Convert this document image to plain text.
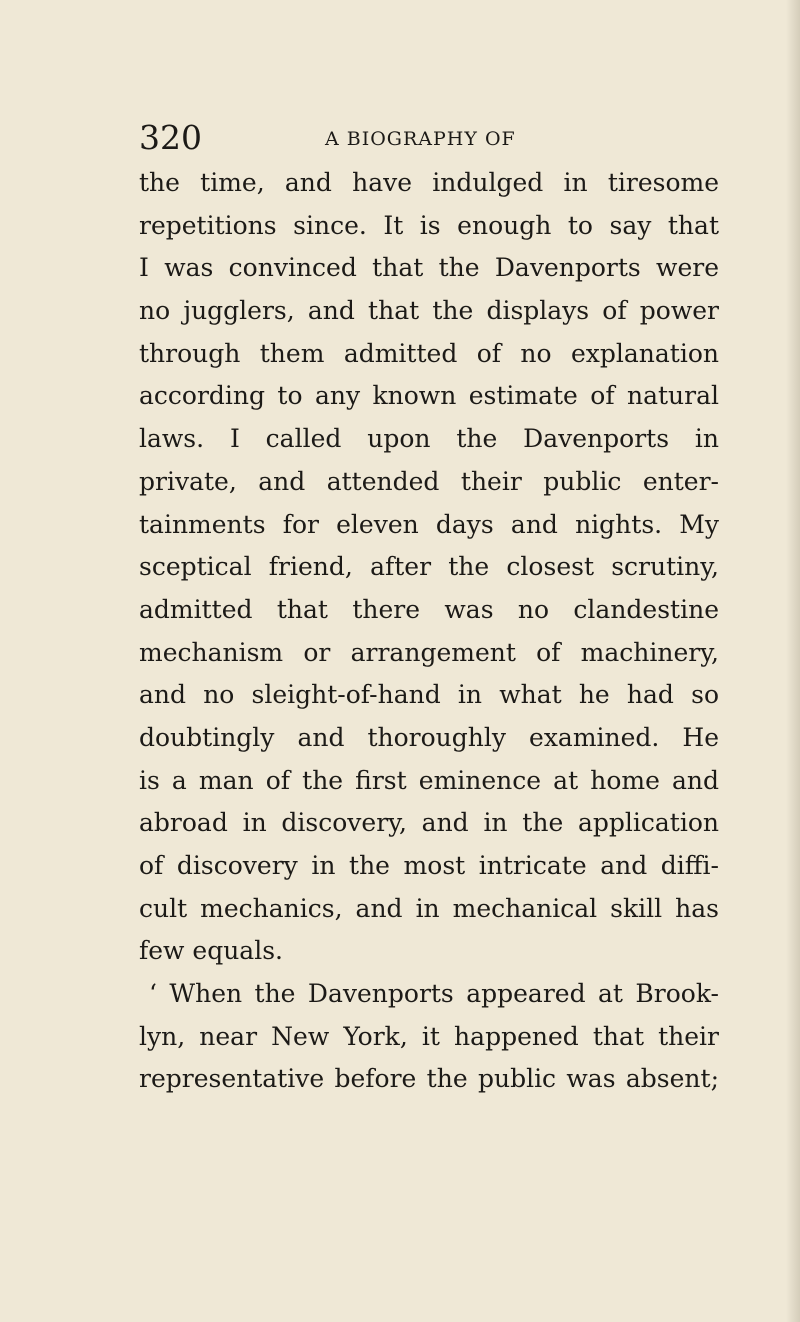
320	A BIOGRAPHY OF
the time, and have indulged in tiresome
repetitions since. It is enough to say that
I was convinced that the Davenports were
no jugglers, and that the displays of power
through them admitted of no explanation
according to any known estimate of natural
laws. I called upon the Davenports in
private, and attended their public enter-
tainments for eleven days and nights. My
sceptical friend, after the closest scrutiny,
admitted that there was no clandestine
mechanism or arrangement of machinery,
and no sleight-of-hand in what he had so
doubtingly and thoroughly examined. He
is a man of the first eminence at home and
abroad in discovery, and in the application
of discovery in the most intricate and diffi-
cult mechanics, and in mechanical skill has
few equals.
‘ When the Davenports appeared at Brook-
lyn, near New York, it happened that their
representative before the public was absent;
